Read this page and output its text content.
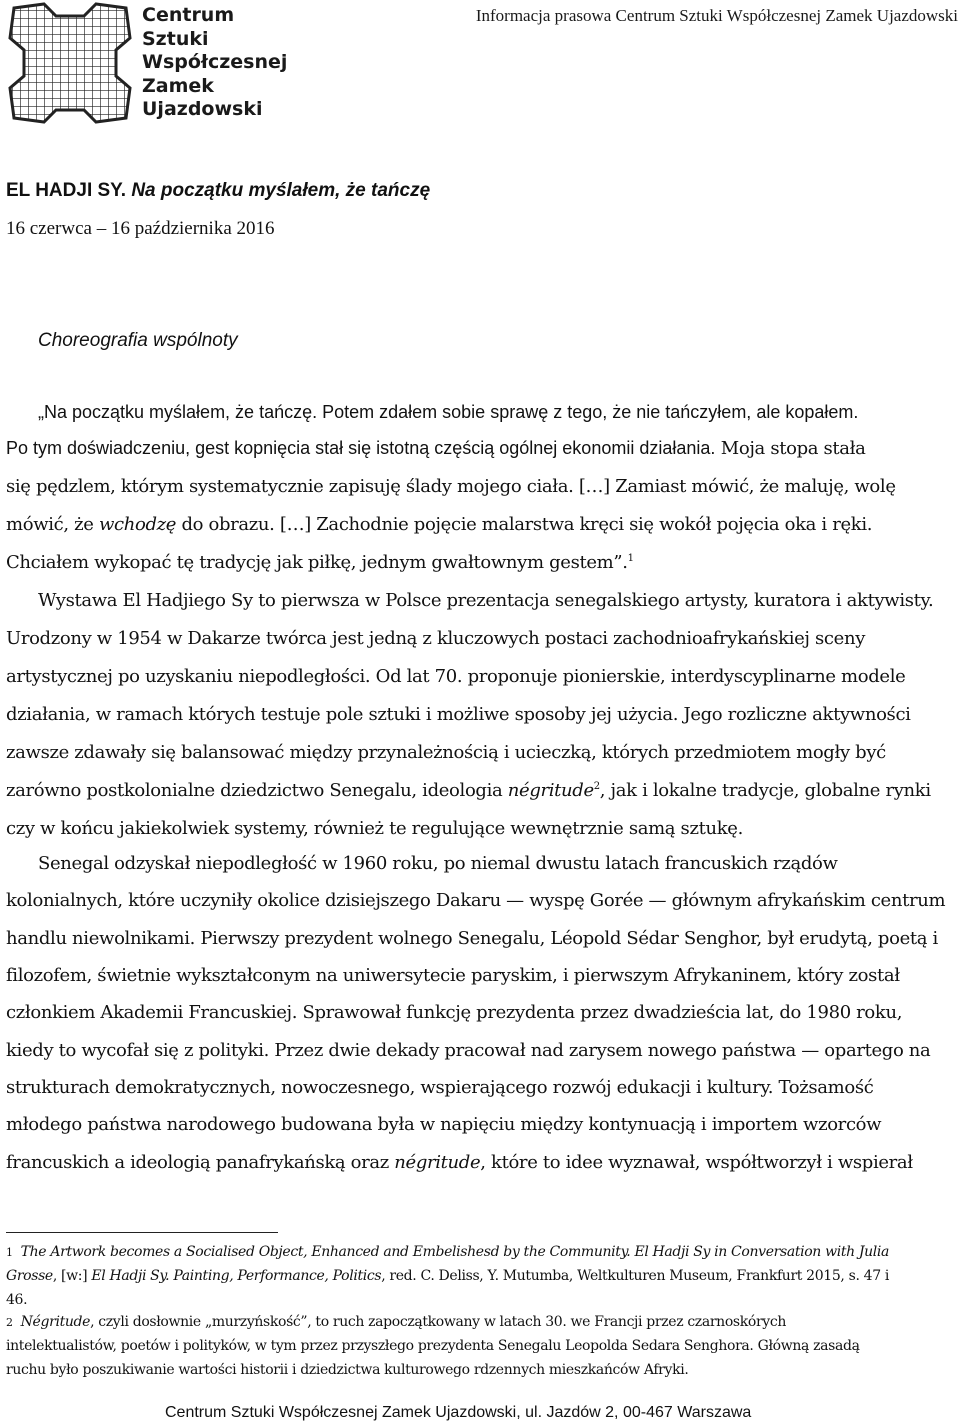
Centrum
Sztuki
Współczesnej
Zamek
Ujazdowski
Informacja prasowa Centrum Sztuki Współczesnej Zamek Ujazdowski
EL HADJI SY. Na początku myślałem, że tańczę
16 czerwca – 16 października 2016
Choreografia wspólnoty
„Na początku myślałem, że tańczę. Potem zdałem sobie sprawę z tego, że nie tańczyłem, ale kopałem.
Po tym doświadczeniu, gest kopnięcia stał się istotną częścią ogólnej ekonomii działania. Moja stopa stała
się pędzlem, którym systematycznie zapisuję ślady mojego ciała. […] Zamiast mówić, że maluję, wolę
mówić, że wchodzę do obrazu. […] Zachodnie pojęcie malarstwa kręci się wokół pojęcia oka i ręki.
Chciałem wykopać tę tradycję jak piłkę, jednym gwałtownym gestem”.$^1$
Wystawa El Hadjiego Sy to pierwsza w Polsce prezentacja senegalskiego artysty, kuratora i aktywisty.
Urodzony w 1954 w Dakarze twórca jest jedną z kluczowych postaci zachodnioafrykańskiej sceny
artystycznej po uzyskaniu niepodległości. Od lat 70. proponuje pionierskie, interdyscyplinarne modele
działania, w ramach których testuje pole sztuki i możliwe sposoby jej użycia. Jego rozliczne aktywności
zawsze zdawały się balansować między przynależnością i ucieczką, których przedmiotem mogły być
zarówno postkolonialne dziedzictwo Senegalu, ideologia négritude$^2$, jak i lokalne tradycje, globalne rynki
czy w końcu jakiekolwiek systemy, również te regulujące wewnętrznie samą sztukę.
Senegal odzyskał niepodległość w 1960 roku, po niemal dwustu latach francuskich rządów
kolonialnych, które uczyniły okolice dzisiejszego Dakaru — wyspę Gorée — głównym afrykańskim centrum
handlu niewolnikami. Pierwszy prezydent wolnego Senegalu, Léopold Sédar Senghor, był erudytą, poetą i
filozofem, świetnie wykształconym na uniwersytecie paryskim, i pierwszym Afrykaninem, który został
członkiem Akademii Francuskiej. Sprawował funkcję prezydenta przez dwadzieścia lat, do 1980 roku,
kiedy to wycofał się z polityki. Przez dwie dekady pracował nad zarysem nowego państwa — opartego na
strukturach demokratycznych, nowoczesnego, wspierającego rozwój edukacji i kultury. Tożsamość
młodego państwa narodowego budowana była w napięciu między kontynuacją i importem wzorców
francuskich a ideologią panafrykańską oraz négritude, które to idee wyznawał, współtworzył i wspierał
1 The Artwork becomes a Socialised Object, Enhanced and Embelishesd by the Community. El Hadji Sy in Conversation with Julia
Grosse, [w:] El Hadji Sy. Painting, Performance, Politics, red. C. Deliss, Y. Mutumba, Weltkulturen Museum, Frankfurt 2015, s. 47 i
46.
2 Négritude, czyli dosłownie „murzyńskość”, to ruch zapoczątkowany w latach 30. we Francji przez czarnoskórych
intelektualistów, poetów i polityków, w tym przez przyszłego prezydenta Senegalu Leopolda Sedara Senghora. Główną zasadą
ruchu było poszukiwanie wartości historii i dziedzictwa kulturowego rdzennych mieszkańców Afryki.
Centrum Sztuki Współczesnej Zamek Ujazdowski, ul. Jazdów 2, 00-467 Warszawa
